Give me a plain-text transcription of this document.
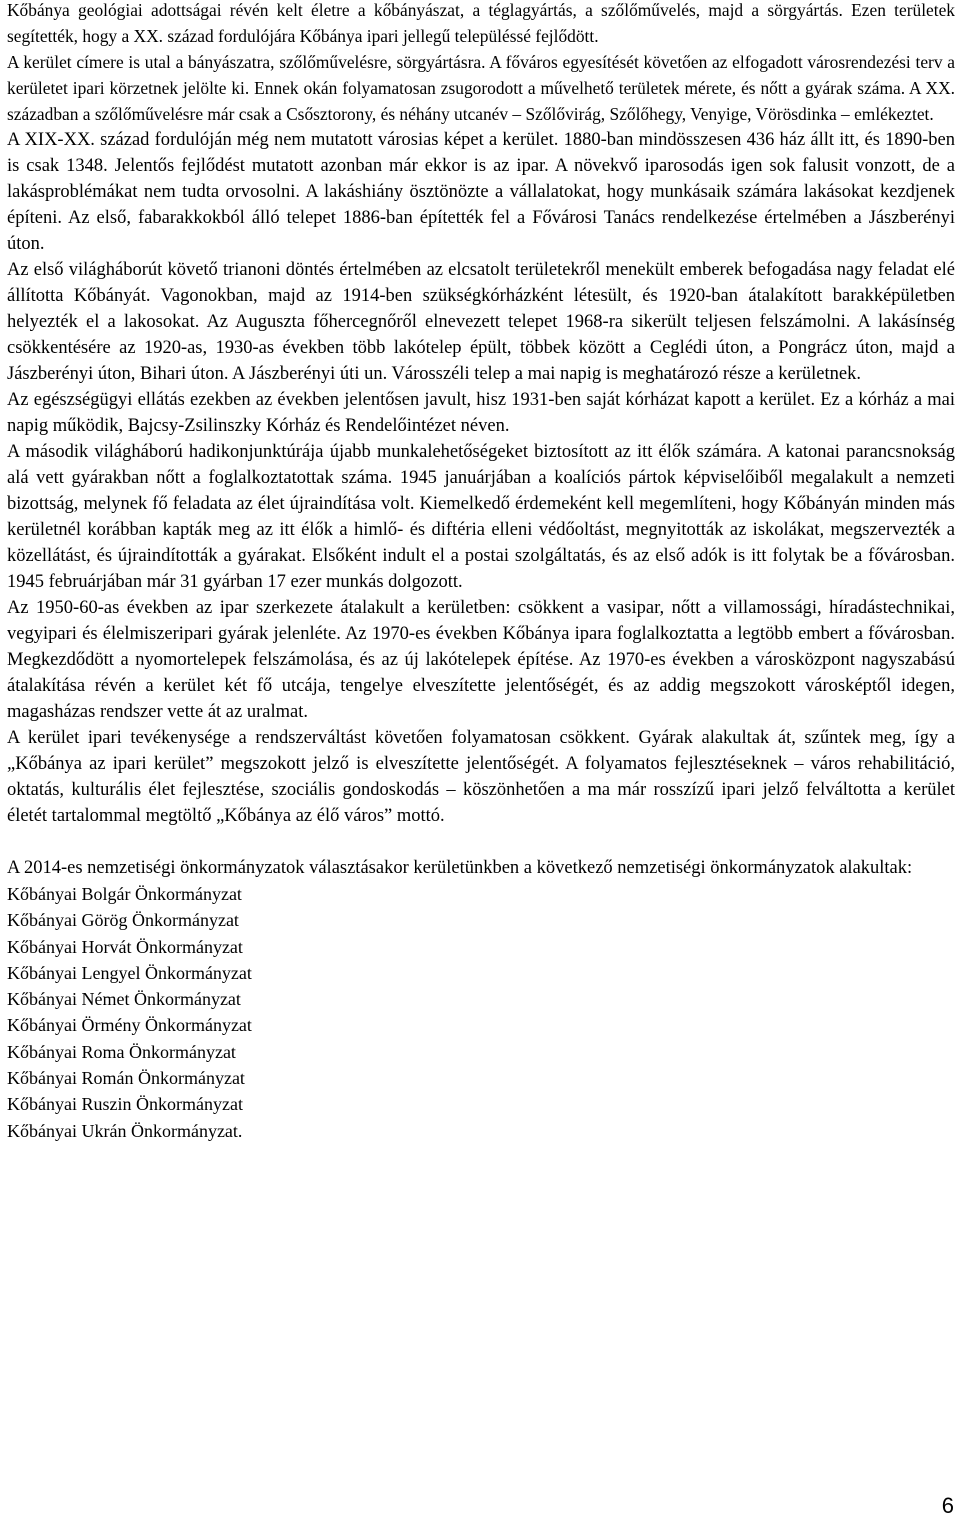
Kőbánya geológiai adottságai révén kelt életre a kőbányászat, a téglagyártás, a szőlőművelés, majd a sörgyártás. Ezen területek segítették, hogy a XX. század fordulójára Kőbánya ipari jellegű településsé fejlődött.

A kerület címere is utal a bányászatra, szőlőművelésre, sörgyártásra. A főváros egyesítését követően az elfogadott városrendezési terv a kerületet ipari körzetnek jelölte ki. Ennek okán folyamatosan zsugorodott a művelhető területek mérete, és nőtt a gyárak száma. A XX. században a szőlőművelésre már csak a Csősztorony, és néhány utcanév – Szőlővirág, Szőlőhegy, Venyige, Vörösdinka – emlékeztet.

A XIX-XX. század fordulóján még nem mutatott városias képet a kerület. 1880-ban mindösszesen 436 ház állt itt, és 1890-ben is csak 1348. Jelentős fejlődést mutatott azonban már ekkor is az ipar. A növekvő iparosodás igen sok falusit vonzott, de a lakásproblémákat nem tudta orvosolni. A lakáshiány ösztönözte a vállalatokat, hogy munkásaik számára lakásokat kezdjenek építeni. Az első, fabarakkokból álló telepet 1886-ban építették fel a Fővárosi Tanács rendelkezése értelmében a Jászberényi úton.

Az első világháborút követő trianoni döntés értelmében az elcsatolt területekről menekült emberek befogadása nagy feladat elé állította Kőbányát. Vagonokban, majd az 1914-ben szükségkórházként létesült, és 1920-ban átalakított barakképületben helyezték el a lakosokat. Az Auguszta főhercegnőről elnevezett telepet 1968-ra sikerült teljesen felszámolni. A lakásínség csökkentésére az 1920-as, 1930-as években több lakótelep épült, többek között a Ceglédi úton, a Pongrácz úton, majd a Jászberényi úton, Bihari úton. A Jászberényi úti un. Városszéli telep a mai napig is meghatározó része a kerületnek.

Az egészségügyi ellátás ezekben az években jelentősen javult, hisz 1931-ben saját kórházat kapott a kerület. Ez a kórház a mai napig működik, Bajcsy-Zsilinszky Kórház és Rendelőintézet néven.

A második világháború hadikonjunktúrája újabb munkalehetőségeket biztosított az itt élők számára. A katonai parancsnokság alá vett gyárakban nőtt a foglalkoztatottak száma. 1945 januárjában a koalíciós pártok képviselőiből megalakult a nemzeti bizottság, melynek fő feladata az élet újraindítása volt. Kiemelkedő érdemeként kell megemlíteni, hogy Kőbányán minden más kerületnél korábban kapták meg az itt élők a himlő- és diftéria elleni védőoltást, megnyitották az iskolákat, megszervezték a közellátást, és újraindították a gyárakat. Elsőként indult el a postai szolgáltatás, és az első adók is itt folytak be a fővárosban. 1945 februárjában már 31 gyárban 17 ezer munkás dolgozott.

Az 1950-60-as években az ipar szerkezete átalakult a kerületben: csökkent a vasipar, nőtt a villamossági, híradástechnikai, vegyipari és élelmiszeripari gyárak jelenléte. Az 1970-es években Kőbánya ipara foglalkoztatta a legtöbb embert a fővárosban. Megkezdődött a nyomortelepek felszámolása, és az új lakótelepek építése. Az 1970-es években a városközpont nagyszabású átalakítása révén a kerület két fő utcája, tengelye elveszítette jelentőségét, és az addig megszokott városképtől idegen, magasházas rendszer vette át az uralmat.

A kerület ipari tevékenysége a rendszerváltást követően folyamatosan csökkent. Gyárak alakultak át, szűntek meg, így a „Kőbánya az ipari kerület” megszokott jelző is elveszítette jelentőségét. A folyamatos fejlesztéseknek – város rehabilitáció, oktatás, kulturális élet fejlesztése, szociális gondoskodás – köszönhetően a ma már rosszízű ipari jelző felváltotta a kerület életét tartalommal megtöltő „Kőbánya az élő város” mottó.

A 2014-es nemzetiségi önkormányzatok választásakor kerületünkben a következő nemzetiségi önkormányzatok alakultak:

Kőbányai Bolgár Önkormányzat
Kőbányai Görög Önkormányzat
Kőbányai Horvát Önkormányzat
Kőbányai Lengyel Önkormányzat
Kőbányai Német Önkormányzat
Kőbányai Örmény Önkormányzat
Kőbányai Roma Önkormányzat
Kőbányai Román Önkormányzat
Kőbányai Ruszin Önkormányzat
Kőbányai Ukrán Önkormányzat.
6
